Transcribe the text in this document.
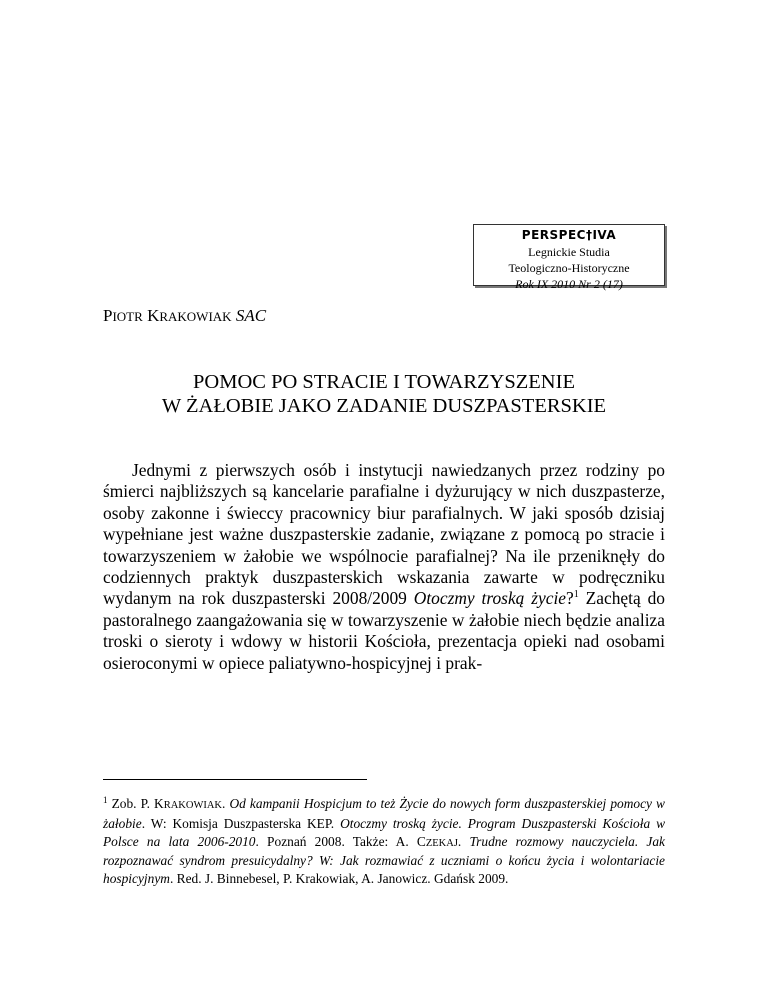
PERSPEC†IVA
Legnickie Studia
Teologiczno-Historyczne
Rok IX 2010 Nr 2 (17)
PIOTR KRAKOWIAK SAC
POMOC PO STRACIE I TOWARZYSZENIE
W ŻAŁOBIE JAKO ZADANIE DUSZPASTERSKIE

Jednymi z pierwszych osób i instytucji nawiedzanych przez rodziny po śmierci najbliższych są kancelarie parafialne i dyżurujący w nich duszpasterze, osoby zakonne i świeccy pracownicy biur parafialnych. W jaki sposób dzisiaj wypełniane jest ważne duszpasterskie zadanie, związane z pomocą po stracie i towarzyszeniem w żałobie we wspólnocie parafialnej? Na ile przeniknęły do codziennych praktyk duszpasterskich wskazania zawarte w podręczniku wydanym na rok duszpasterski 2008/2009 Otoczmy troską życie?$^1$ Zachętą do pastoralnego zaangażowania się w towarzyszenie w żałobie niech będzie analiza troski o sieroty i wdowy w historii Kościoła, prezentacja opieki nad osobami osieroconymi w opiece paliatywno-hospicyjnej i prak-

$^1$ Zob. P. KRAKOWIAK. Od kampanii Hospicjum to też Życie do nowych form duszpasterskiej pomocy w żałobie. W: Komisja Duszpasterska KEP. Otoczmy troską życie. Program Duszpasterski Kościoła w Polsce na lata 2006-2010. Poznań 2008. Także: A. CZEKAJ. Trudne rozmowy nauczyciela. Jak rozpoznawać syndrom presuicydalny? W: Jak rozmawiać z uczniami o końcu życia i wolontariacie hospicyjnym. Red. J. Binnebesel, P. Krakowiak, A. Janowicz. Gdańsk 2009.
